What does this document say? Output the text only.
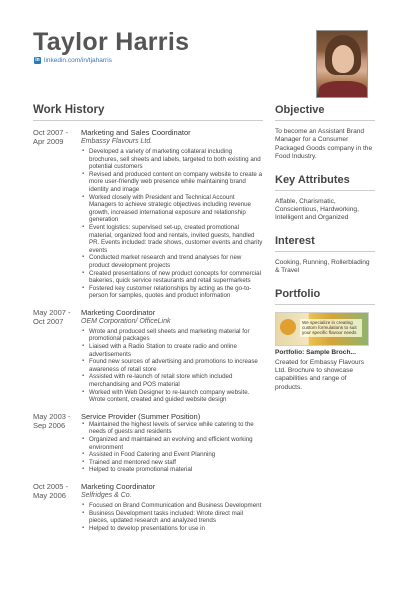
Taylor Harris
in linkedin.com/in/tjaharris
Work History
Oct 2007 - Apr 2009
Marketing and Sales Coordinator
Embassy Flavours Ltd.
▪ Developed a variety of marketing collateral including brochures, sell sheets and labels, targeted to both existing and potential customers
▪ Revised and produced content on company website to create a more user-friendly web presence while maintaining brand identity and image
▪ Worked closely with President and Technical Account Managers to achieve strategic objectives including revenue growth, increased international exposure and relationship generation
▪ Event logistics: supervised set-up, created promotional material, organized food and rentals, invited guests, handled PR. Events included: trade shows, customer events and charity events
▪ Conducted market research and trend analyses for new product development projects
▪ Created presentations of new product concepts for commercial bakeries, quick service restaurants and retail supermarkets
▪ Fostered key customer relationships by acting as the go-to-person for samples, quotes and product information
May 2007 - Oct 2007
Marketing Coordinator
OEM Corporation/ OfficeLink
▪ Wrote and produced sell sheets and marketing material for promotional packages
▪ Liaised with a Radio Station to create radio and online advertisements
▪ Found new sources of advertising and promotions to increase awareness of retail store
▪ Assisted with re-launch of retail store which included merchandising and POS material
▪ Worked with Web Designer to re-launch company website. Wrote content, created and guided website design
May 2003 - Sep 2006
Service Provider (Summer Position)
▪ Maintained the highest levels of service while catering to the needs of guests and residents
▪ Organized and maintained an evolving and efficient working environment
▪ Assisted in Food Catering and Event Planning
▪ Trained and mentored new staff
▪ Helped to create promotional material
Oct 2005 - May 2006
Marketing Coordinator
Selfridges & Co.
▪ Focused on Brand Communication and Business Development
▪ Business Development tasks included: Wrote direct mail pieces, updated research and analyzed trends
▪ Helped to develop presentations for use in
Objective
To become an Assistant Brand Manager for a Consumer Packaged Goods company in the Food Industry.
Key Attributes
Affable, Charismatic, Conscientious, Hardworking, Intelligent and Organized
Interest
Cooking, Running, Rollerblading & Travel
Portfolio
We specialize in creating custom formulations to suit your specific flavour needs
Portfolio: Sample Broch...
Created for Embassy Flavours Ltd. Brochure to showcase capabilities and range of products.
